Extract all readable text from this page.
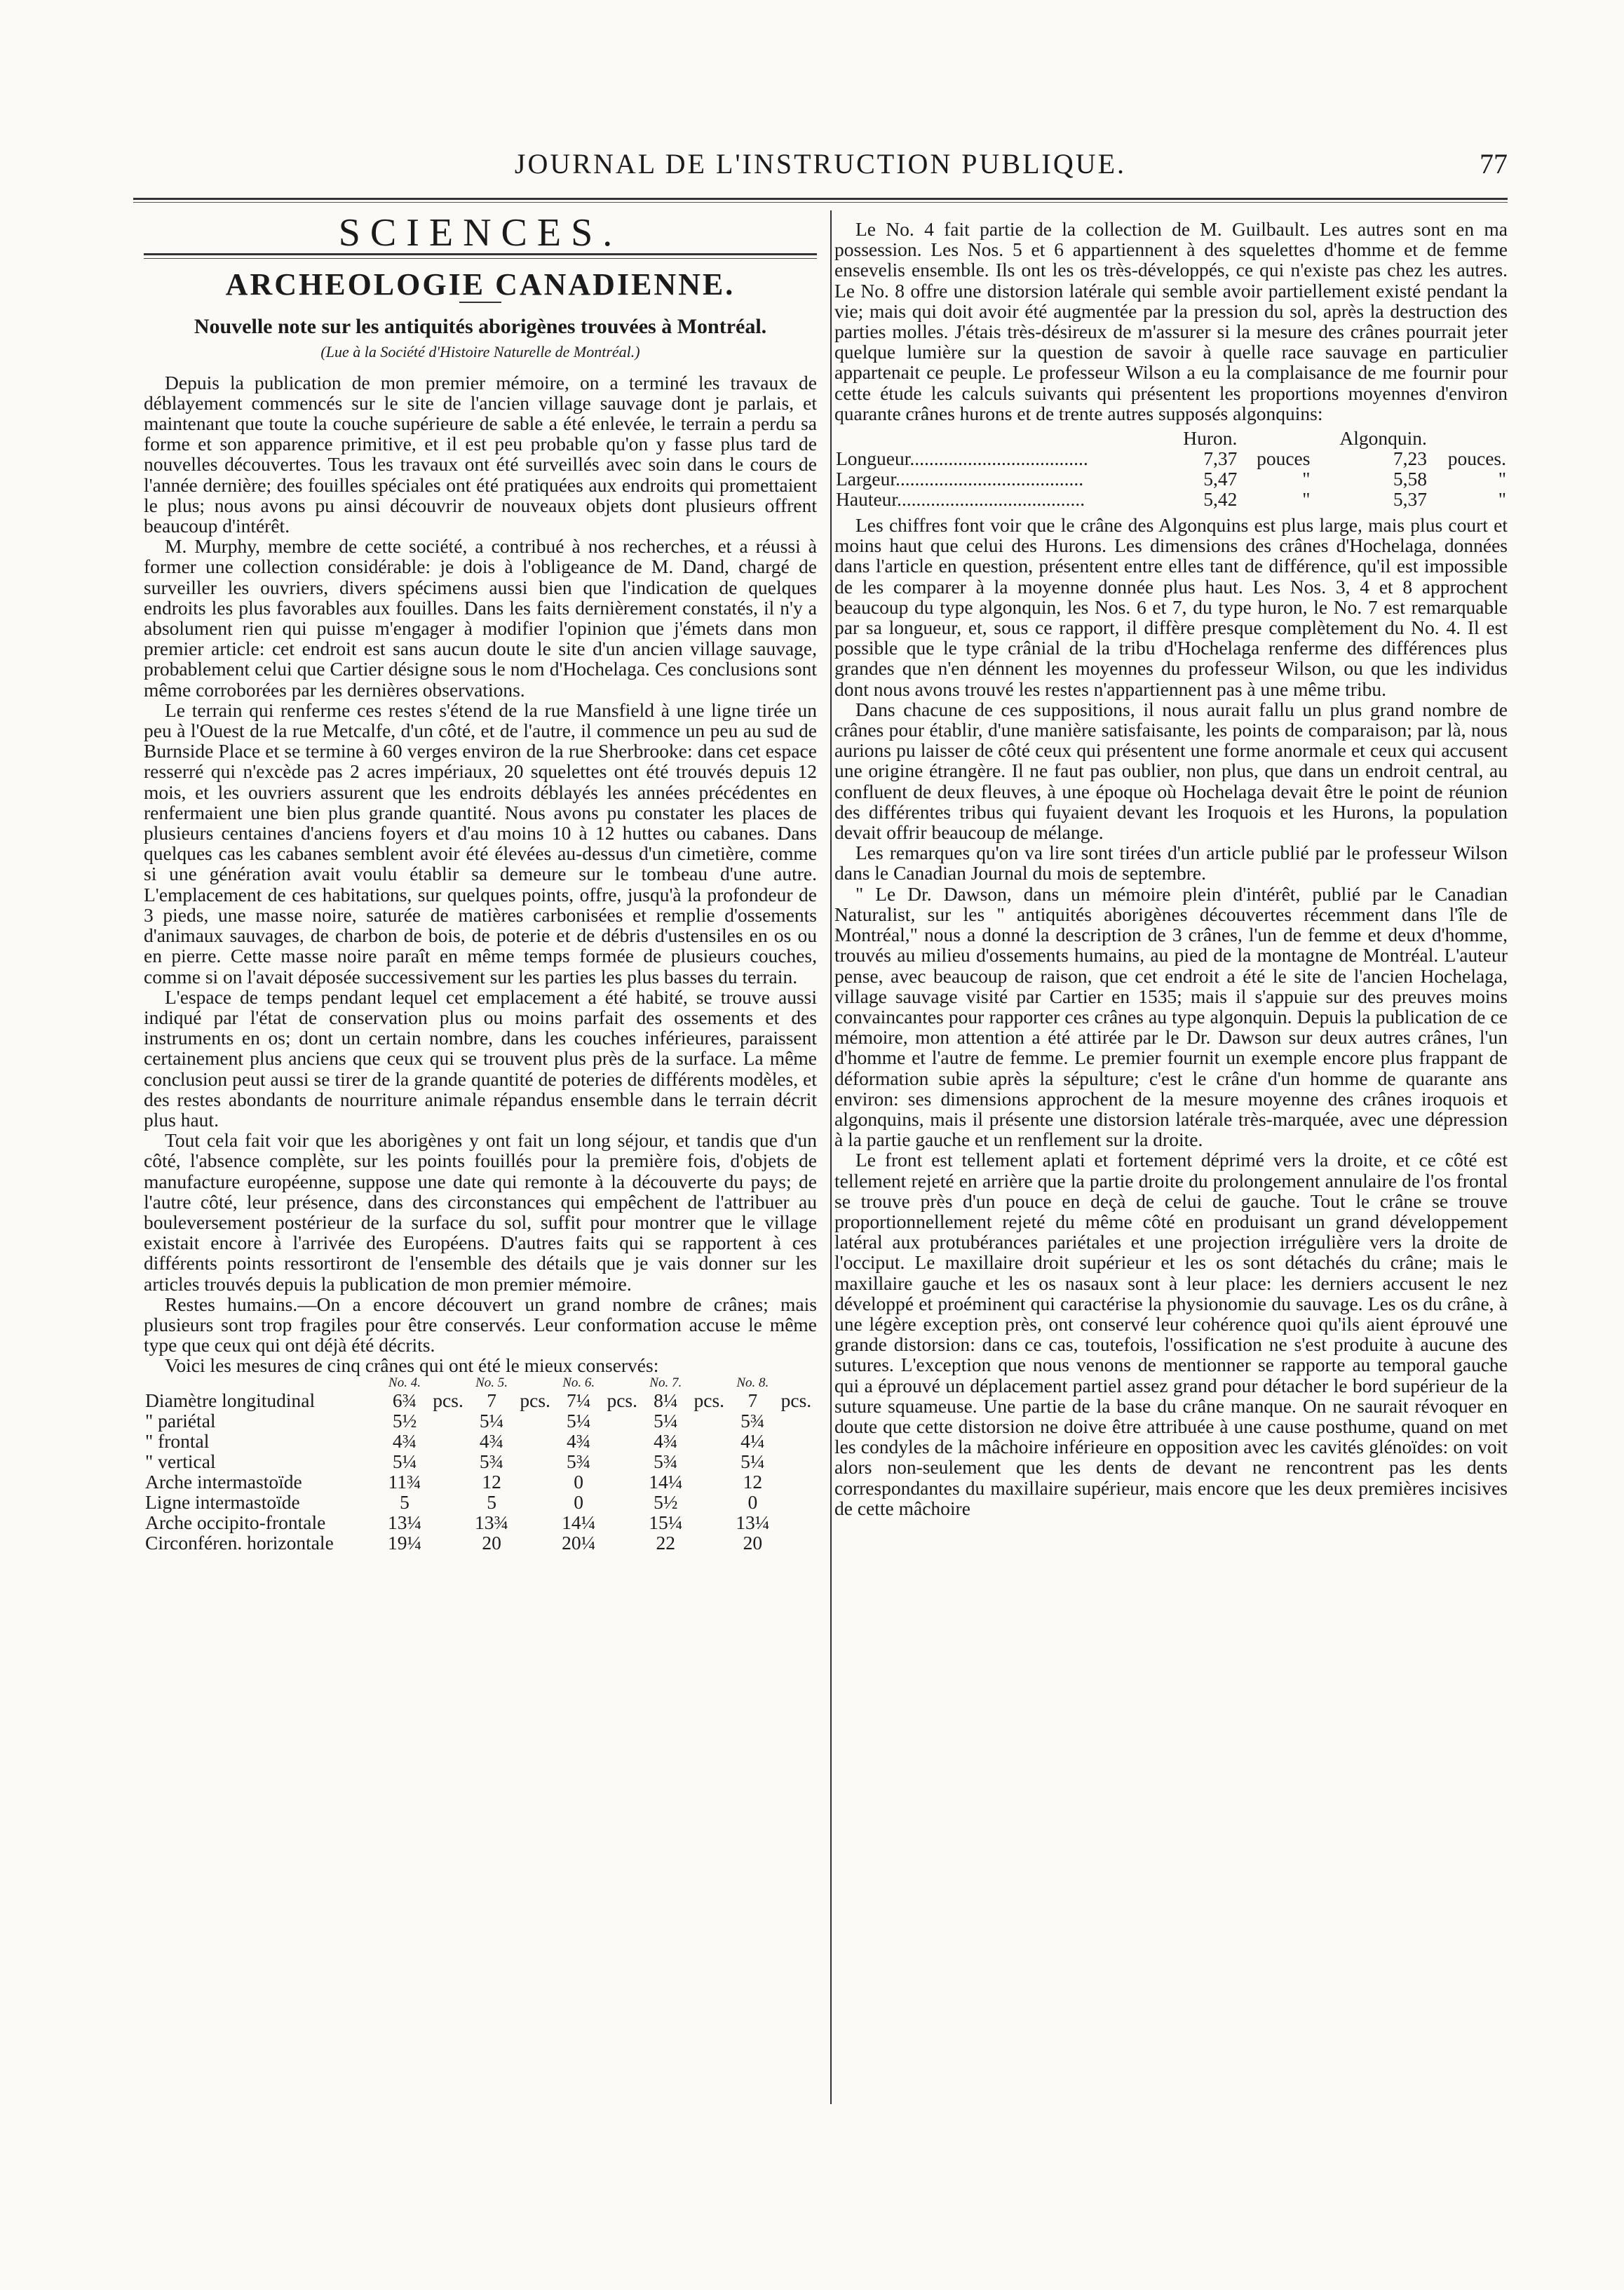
JOURNAL DE L'INSTRUCTION PUBLIQUE.	77
SCIENCES.
ARCHEOLOGIE CANADIENNE.
Nouvelle note sur les antiquités aborigènes trouvées à Montréal.
(Lue à la Société d'Histoire Naturelle de Montréal.)

Depuis la publication de mon premier mémoire, on a terminé les travaux de déblayement commencés sur le site de l'ancien village sauvage dont je parlais, et maintenant que toute la couche supérieure de sable a été enlevée, le terrain a perdu sa forme et son apparence primitive, et il est peu probable qu'on y fasse plus tard de nouvelles découvertes. Tous les travaux ont été surveillés avec soin dans le cours de l'année dernière; des fouilles spéciales ont été pratiquées aux endroits qui promettaient le plus; nous avons pu ainsi découvrir de nouveaux objets dont plusieurs offrent beaucoup d'intérêt.

M. Murphy, membre de cette société, a contribué à nos recherches, et a réussi à former une collection considérable: je dois à l'obligeance de M. Dand, chargé de surveiller les ouvriers, divers spécimens aussi bien que l'indication de quelques endroits les plus favorables aux fouilles. Dans les faits dernièrement constatés, il n'y a absolument rien qui puisse m'engager à modifier l'opinion que j'émets dans mon premier article: cet endroit est sans aucun doute le site d'un ancien village sauvage, probablement celui que Cartier désigne sous le nom d'Hochelaga. Ces conclusions sont même corroborées par les dernières observations.

Le terrain qui renferme ces restes s'étend de la rue Mansfield à une ligne tirée un peu à l'Ouest de la rue Metcalfe, d'un côté, et de l'autre, il commence un peu au sud de Burnside Place et se termine à 60 verges environ de la rue Sherbrooke: dans cet espace resserré qui n'excède pas 2 acres impériaux, 20 squelettes ont été trouvés depuis 12 mois, et les ouvriers assurent que les endroits déblayés les années précédentes en renfermaient une bien plus grande quantité. Nous avons pu constater les places de plusieurs centaines d'anciens foyers et d'au moins 10 à 12 huttes ou cabanes. Dans quelques cas les cabanes semblent avoir été élevées au-dessus d'un cimetière, comme si une génération avait voulu établir sa demeure sur le tombeau d'une autre. L'emplacement de ces habitations, sur quelques points, offre, jusqu'à la profondeur de 3 pieds, une masse noire, saturée de matières carbonisées et remplie d'ossements d'animaux sauvages, de charbon de bois, de poterie et de débris d'ustensiles en os ou en pierre. Cette masse noire paraît en même temps formée de plusieurs couches, comme si on l'avait déposée successivement sur les parties les plus basses du terrain.

L'espace de temps pendant lequel cet emplacement a été habité, se trouve aussi indiqué par l'état de conservation plus ou moins parfait des ossements et des instruments en os; dont un certain nombre, dans les couches inférieures, paraissent certainement plus anciens que ceux qui se trouvent plus près de la surface. La même conclusion peut aussi se tirer de la grande quantité de poteries de différents modèles, et des restes abondants de nourriture animale répandus ensemble dans le terrain décrit plus haut.

Tout cela fait voir que les aborigènes y ont fait un long séjour, et tandis que d'un côté, l'absence complète, sur les points fouillés pour la première fois, d'objets de manufacture européenne, suppose une date qui remonte à la découverte du pays; de l'autre côté, leur présence, dans des circonstances qui empêchent de l'attribuer au bouleversement postérieur de la surface du sol, suffit pour montrer que le village existait encore à l'arrivée des Européens. D'autres faits qui se rapportent à ces différents points ressortiront de l'ensemble des détails que je vais donner sur les articles trouvés depuis la publication de mon premier mémoire.

Restes humains.—On a encore découvert un grand nombre de crânes; mais plusieurs sont trop fragiles pour être conservés. Leur conformation accuse le même type que ceux qui ont déjà été décrits.

Voici les mesures de cinq crânes qui ont été le mieux conservés:

	No. 4.		No. 5.		No. 6.		No. 7.		No. 8.	
Diamètre longitudinal	6¾	pcs.	7	pcs.	7¼	pcs.	8¼	pcs.	7	pcs.
" pariétal	5½		5¼		5¼		5¼		5¾	
" frontal	4¾		4¾		4¾		4¾		4¼	
" vertical	5¼		5¾		5¾		5¾		5¼	
Arche intermastoïde	11¾		12		0		14¼		12	
Ligne intermastoïde	5		5		0		5½		0	
Arche occipito-frontale	13¼		13¾		14¼		15¼		13¼	
Circonféren. horizontale	19¼		20		20¼		22		20	

Le No. 4 fait partie de la collection de M. Guilbault. Les autres sont en ma possession. Les Nos. 5 et 6 appartiennent à des squelettes d'homme et de femme ensevelis ensemble. Ils ont les os très-développés, ce qui n'existe pas chez les autres. Le No. 8 offre une distorsion latérale qui semble avoir partiellement existé pendant la vie; mais qui doit avoir été augmentée par la pression du sol, après la destruction des parties molles. J'étais très-désireux de m'assurer si la mesure des crânes pourrait jeter quelque lumière sur la question de savoir à quelle race sauvage en particulier appartenait ce peuple. Le professeur Wilson a eu la complaisance de me fournir pour cette étude les calculs suivants qui présentent les proportions moyennes d'environ quarante crânes hurons et de trente autres supposés algonquins:

	Huron.		Algonquin.	
Longueur.....................................	7,37	pouces	7,23	pouces.
Largeur.......................................	5,47	"	5,58	"
Hauteur.......................................	5,42	"	5,37	"

Les chiffres font voir que le crâne des Algonquins est plus large, mais plus court et moins haut que celui des Hurons. Les dimensions des crânes d'Hochelaga, données dans l'article en question, présentent entre elles tant de différence, qu'il est impossible de les comparer à la moyenne donnée plus haut. Les Nos. 3, 4 et 8 approchent beaucoup du type algonquin, les Nos. 6 et 7, du type huron, le No. 7 est remarquable par sa longueur, et, sous ce rapport, il diffère presque complètement du No. 4. Il est possible que le type crânial de la tribu d'Hochelaga renferme des différences plus grandes que n'en dénnent les moyennes du professeur Wilson, ou que les individus dont nous avons trouvé les restes n'appartiennent pas à une même tribu.

Dans chacune de ces suppositions, il nous aurait fallu un plus grand nombre de crânes pour établir, d'une manière satisfaisante, les points de comparaison; par là, nous aurions pu laisser de côté ceux qui présentent une forme anormale et ceux qui accusent une origine étrangère. Il ne faut pas oublier, non plus, que dans un endroit central, au confluent de deux fleuves, à une époque où Hochelaga devait être le point de réunion des différentes tribus qui fuyaient devant les Iroquois et les Hurons, la population devait offrir beaucoup de mélange.

Les remarques qu'on va lire sont tirées d'un article publié par le professeur Wilson dans le Canadian Journal du mois de septembre.

" Le Dr. Dawson, dans un mémoire plein d'intérêt, publié par le Canadian Naturalist, sur les " antiquités aborigènes découvertes récemment dans l'île de Montréal," nous a donné la description de 3 crânes, l'un de femme et deux d'homme, trouvés au milieu d'ossements humains, au pied de la montagne de Montréal. L'auteur pense, avec beaucoup de raison, que cet endroit a été le site de l'ancien Hochelaga, village sauvage visité par Cartier en 1535; mais il s'appuie sur des preuves moins convaincantes pour rapporter ces crânes au type algonquin. Depuis la publication de ce mémoire, mon attention a été attirée par le Dr. Dawson sur deux autres crânes, l'un d'homme et l'autre de femme. Le premier fournit un exemple encore plus frappant de déformation subie après la sépulture; c'est le crâne d'un homme de quarante ans environ: ses dimensions approchent de la mesure moyenne des crânes iroquois et algonquins, mais il présente une distorsion latérale très-marquée, avec une dépression à la partie gauche et un renflement sur la droite.

Le front est tellement aplati et fortement déprimé vers la droite, et ce côté est tellement rejeté en arrière que la partie droite du prolongement annulaire de l'os frontal se trouve près d'un pouce en deçà de celui de gauche. Tout le crâne se trouve proportionnellement rejeté du même côté en produisant un grand développement latéral aux protubérances pariétales et une projection irrégulière vers la droite de l'occiput. Le maxillaire droit supérieur et les os sont détachés du crâne; mais le maxillaire gauche et les os nasaux sont à leur place: les derniers accusent le nez développé et proéminent qui caractérise la physionomie du sauvage. Les os du crâne, à une légère exception près, ont conservé leur cohérence quoi qu'ils aient éprouvé une grande distorsion: dans ce cas, toutefois, l'ossification ne s'est produite à aucune des sutures. L'exception que nous venons de mentionner se rapporte au temporal gauche qui a éprouvé un déplacement partiel assez grand pour détacher le bord supérieur de la suture squameuse. Une partie de la base du crâne manque. On ne saurait révoquer en doute que cette distorsion ne doive être attribuée à une cause posthume, quand on met les condyles de la mâchoire inférieure en opposition avec les cavités glénoïdes: on voit alors non-seulement que les dents de devant ne rencontrent pas les dents correspondantes du maxillaire supérieur, mais encore que les deux premières incisives de cette mâchoire
